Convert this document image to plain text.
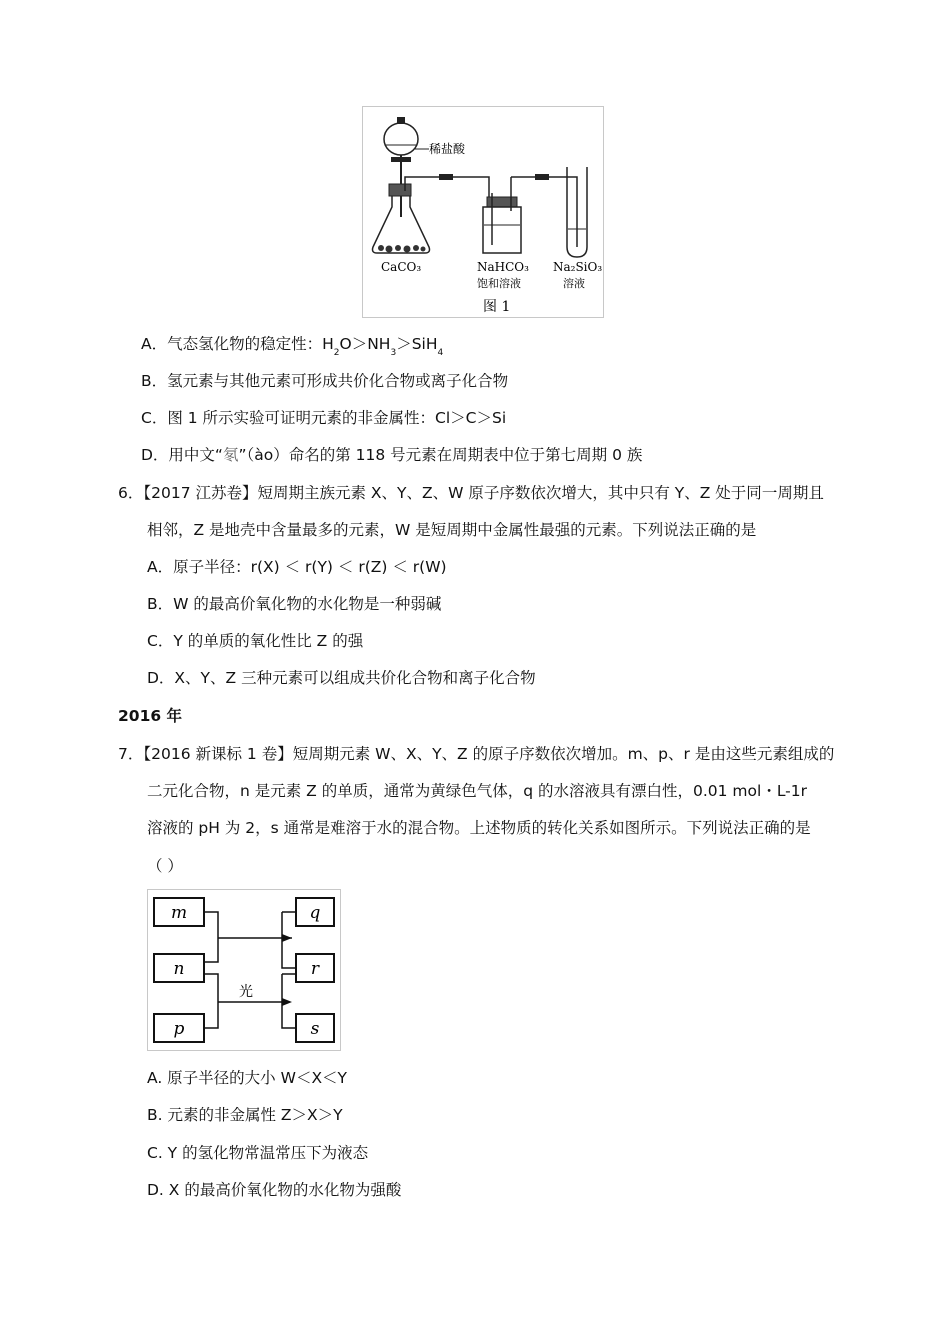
稀盐酸
CaCO₃	NaHCO₃
饱和溶液
Na₂SiO₃
溶液
图 1
A．气态氢化物的稳定性：$H_2O>NH_3>SiH_4$
B．氢元素与其他元素可形成共价化合物或离子化合物
C．图 1 所示实验可证明元素的非金属性：Cl＞C＞Si
D．用中文“氡”（ào）命名的第 118 号元素在周期表中位于第七周期 0 族
6．【2017 江苏卷】短周期主族元素 X、Y、Z、W 原子序数依次增大，其中只有 Y、Z 处于同一周期且
相邻，Z 是地壳中含量最多的元素，W 是短周期中金属性最强的元素。下列说法正确的是
A．原子半径：r(X) ＜ r(Y) ＜ r(Z) ＜ r(W)
B．W 的最高价氧化物的水化物是一种弱碱
C．Y 的单质的氧化性比 Z 的强
D．X、Y、Z 三种元素可以组成共价化合物和离子化合物
2016 年
7．【2016 新课标 1 卷】短周期元素 W、X、Y、Z 的原子序数依次增加。m、p、r 是由这些元素组成的
二元化合物，n 是元素 Z 的单质，通常为黄绿色气体，q 的水溶液具有漂白性，0.01 mol・L-1r
溶液的 pH 为 2，s 通常是难溶于水的混合物。上述物质的转化关系如图所示。下列说法正确的是
（ ）
m
n
p
q
r
s
光
A. 原子半径的大小 W＜X＜Y
B. 元素的非金属性 Z＞X＞Y
C. Y 的氢化物常温常压下为液态
D. X 的最高价氧化物的水化物为强酸
